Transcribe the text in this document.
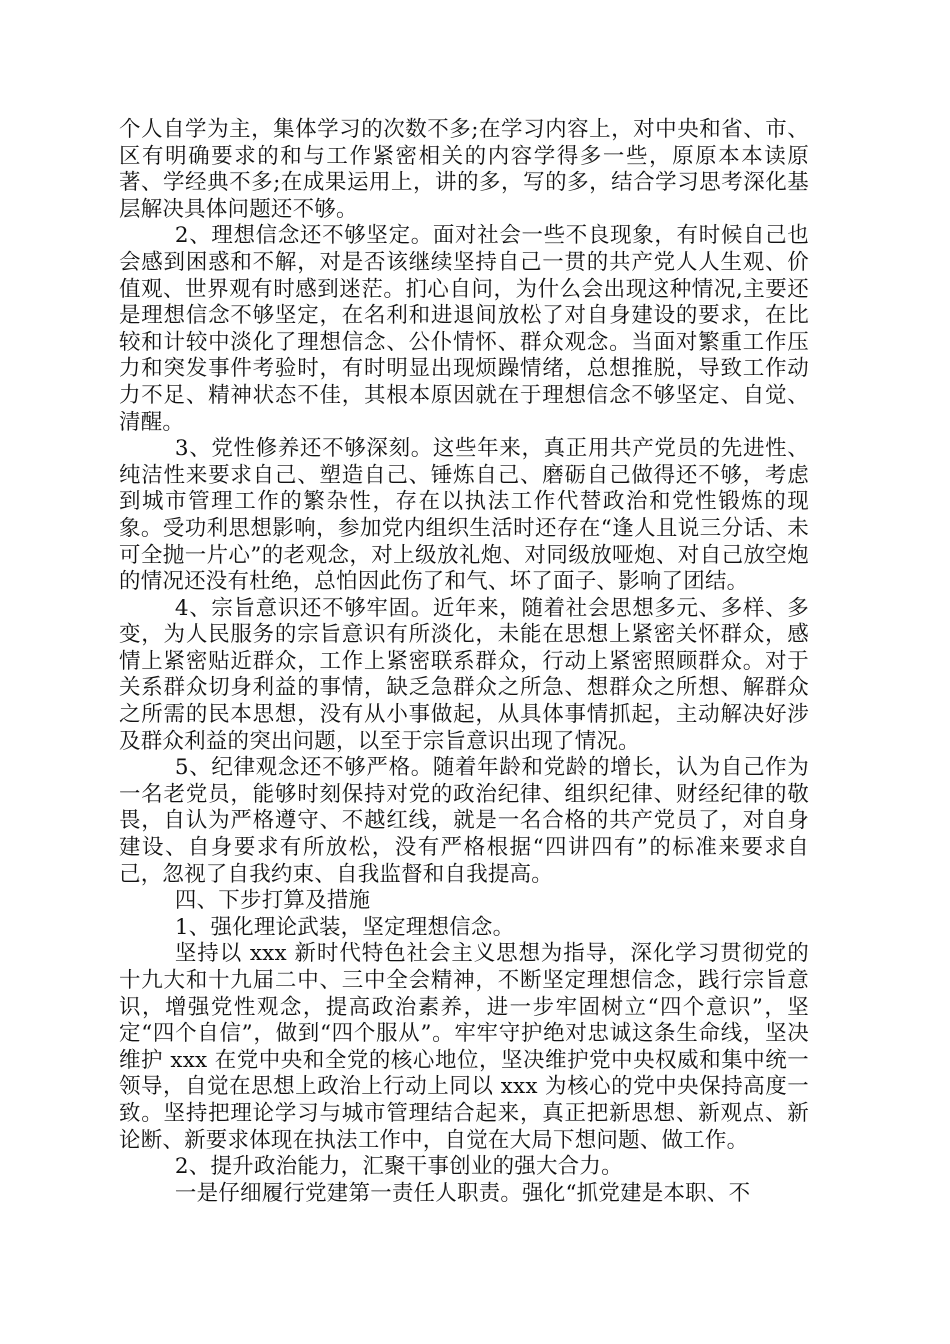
个人自学为主，集体学习的次数不多;在学习内容上，对中央和省、市、区有明确要求的和与工作紧密相关的内容学得多一些，原原本本读原著、学经典不多;在成果运用上，讲的多，写的多，结合学习思考深化基层解决具体问题还不够。

2、理想信念还不够坚定。面对社会一些不良现象，有时候自己也会感到困惑和不解，对是否该继续坚持自己一贯的共产党人人生观、价值观、世界观有时感到迷茫。扪心自问，为什么会出现这种情况,主要还是理想信念不够坚定，在名利和进退间放松了对自身建设的要求，在比较和计较中淡化了理想信念、公仆情怀、群众观念。当面对繁重工作压力和突发事件考验时，有时明显出现烦躁情绪，总想推脱，导致工作动力不足、精神状态不佳，其根本原因就在于理想信念不够坚定、自觉、清醒。

3、党性修养还不够深刻。这些年来，真正用共产党员的先进性、纯洁性来要求自己、塑造自己、锤炼自己、磨砺自己做得还不够，考虑到城市管理工作的繁杂性，存在以执法工作代替政治和党性锻炼的现象。受功利思想影响，参加党内组织生活时还存在“逢人且说三分话、未可全抛一片心”的老观念，对上级放礼炮、对同级放哑炮、对自己放空炮的情况还没有杜绝，总怕因此伤了和气、坏了面子、影响了团结。

4、宗旨意识还不够牢固。近年来，随着社会思想多元、多样、多变，为人民服务的宗旨意识有所淡化，未能在思想上紧密关怀群众，感情上紧密贴近群众，工作上紧密联系群众，行动上紧密照顾群众。对于关系群众切身利益的事情，缺乏急群众之所急、想群众之所想、解群众之所需的民本思想，没有从小事做起，从具体事情抓起，主动解决好涉及群众利益的突出问题，以至于宗旨意识出现了情况。

5、纪律观念还不够严格。随着年龄和党龄的增长，认为自己作为一名老党员，能够时刻保持对党的政治纪律、组织纪律、财经纪律的敬畏，自认为严格遵守、不越红线，就是一名合格的共产党员了，对自身建设、自身要求有所放松，没有严格根据“四讲四有”的标准来要求自己，忽视了自我约束、自我监督和自我提高。

四、下步打算及措施

1、强化理论武装，坚定理想信念。

坚持以 xxx 新时代特色社会主义思想为指导，深化学习贯彻党的十九大和十九届二中、三中全会精神，不断坚定理想信念，践行宗旨意识，增强党性观念，提高政治素养，进一步牢固树立“四个意识”，坚定“四个自信”，做到“四个服从”。牢牢守护绝对忠诚这条生命线，坚决维护 xxx 在党中央和全党的核心地位，坚决维护党中央权威和集中统一领导，自觉在思想上政治上行动上同以 xxx 为核心的党中央保持高度一致。坚持把理论学习与城市管理结合起来，真正把新思想、新观点、新论断、新要求体现在执法工作中，自觉在大局下想问题、做工作。

2、提升政治能力，汇聚干事创业的强大合力。

一是仔细履行党建第一责任人职责。强化“抓党建是本职、不
